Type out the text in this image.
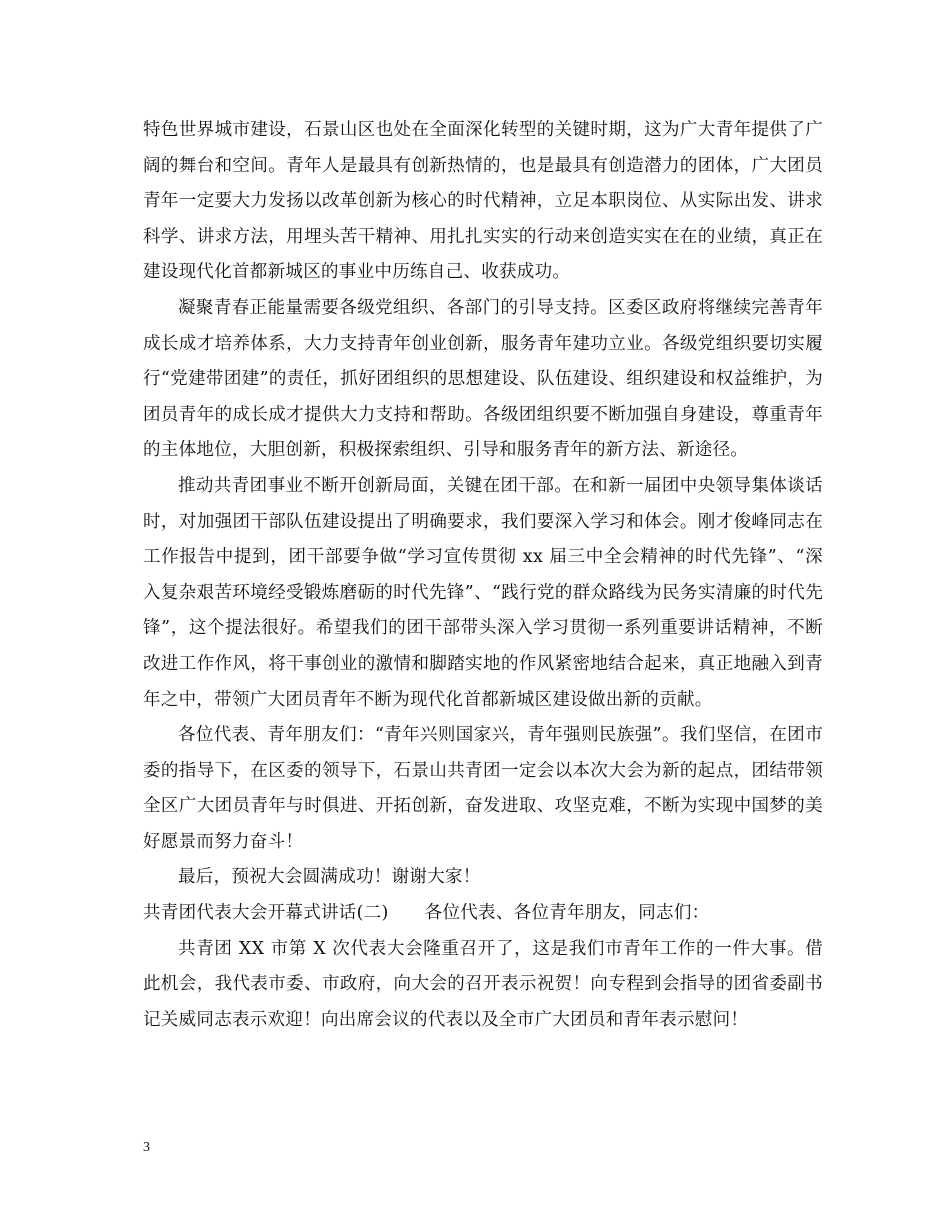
特色世界城市建设，石景山区也处在全面深化转型的关键时期，这为广大青年提供了广阔的舞台和空间。青年人是最具有创新热情的，也是最具有创造潜力的团体，广大团员青年一定要大力发扬以改革创新为核心的时代精神，立足本职岗位、从实际出发、讲求科学、讲求方法，用埋头苦干精神、用扎扎实实的行动来创造实实在在的业绩，真正在建设现代化首都新城区的事业中历练自己、收获成功。

凝聚青春正能量需要各级党组织、各部门的引导支持。区委区政府将继续完善青年成长成才培养体系，大力支持青年创业创新，服务青年建功立业。各级党组织要切实履行“党建带团建”的责任，抓好团组织的思想建设、队伍建设、组织建设和权益维护，为团员青年的成长成才提供大力支持和帮助。各级团组织要不断加强自身建设，尊重青年的主体地位，大胆创新，积极探索组织、引导和服务青年的新方法、新途径。

推动共青团事业不断开创新局面，关键在团干部。在和新一届团中央领导集体谈话时，对加强团干部队伍建设提出了明确要求，我们要深入学习和体会。刚才俊峰同志在工作报告中提到，团干部要争做“学习宣传贯彻 xx 届三中全会精神的时代先锋”、“深入复杂艰苦环境经受锻炼磨砺的时代先锋”、“践行党的群众路线为民务实清廉的时代先锋”，这个提法很好。希望我们的团干部带头深入学习贯彻一系列重要讲话精神，不断改进工作作风，将干事创业的激情和脚踏实地的作风紧密地结合起来，真正地融入到青年之中，带领广大团员青年不断为现代化首都新城区建设做出新的贡献。

各位代表、青年朋友们：“青年兴则国家兴，青年强则民族强”。我们坚信，在团市委的指导下，在区委的领导下，石景山共青团一定会以本次大会为新的起点，团结带领全区广大团员青年与时俱进、开拓创新，奋发进取、攻坚克难，不断为实现中国梦的美好愿景而努力奋斗！

最后，预祝大会圆满成功！谢谢大家！

共青团代表大会开幕式讲话(二) 各位代表、各位青年朋友，同志们：

共青团 XX 市第 X 次代表大会隆重召开了，这是我们市青年工作的一件大事。借此机会，我代表市委、市政府，向大会的召开表示祝贺！向专程到会指导的团省委副书记关威同志表示欢迎！向出席会议的代表以及全市广大团员和青年表示慰问！

3
